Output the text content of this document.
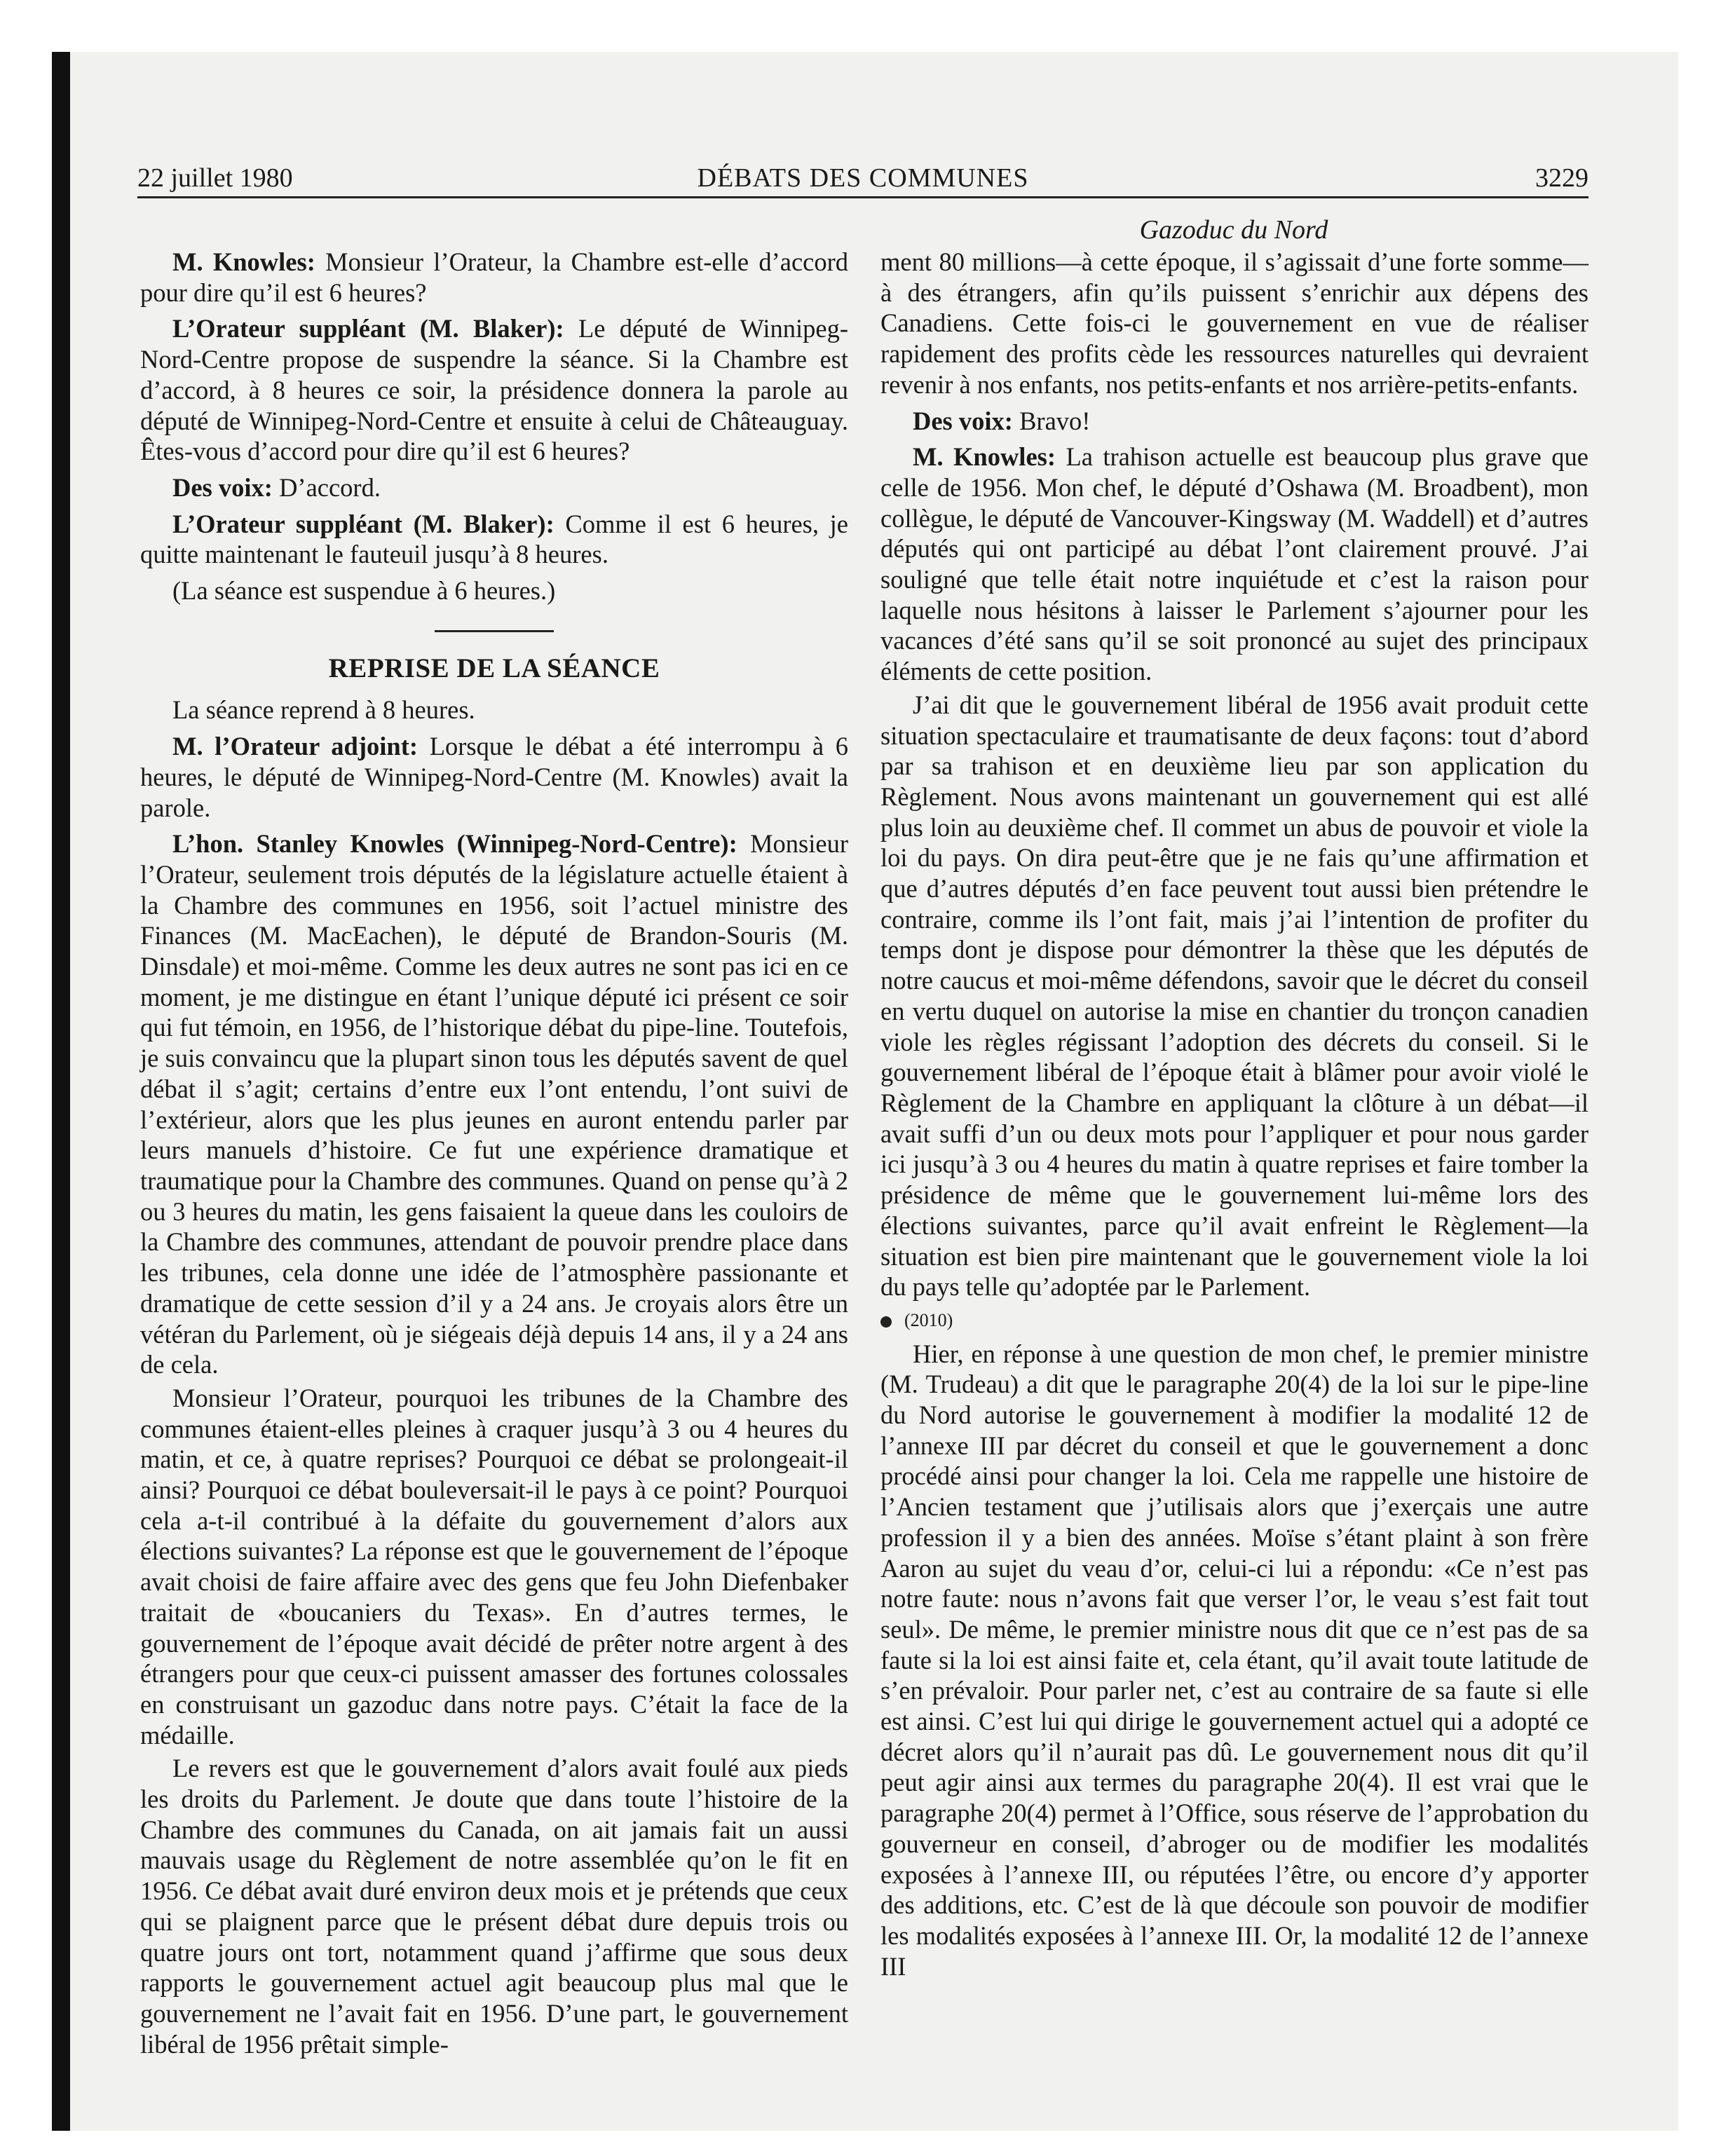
22 juillet 1980	DÉBATS DES COMMUNES	3229
Gazoduc du Nord

M. Knowles: Monsieur l’Orateur, la Chambre est-elle d’accord pour dire qu’il est 6 heures?

L’Orateur suppléant (M. Blaker): Le député de Winnipeg-Nord-Centre propose de suspendre la séance. Si la Chambre est d’accord, à 8 heures ce soir, la présidence donnera la parole au député de Winnipeg-Nord-Centre et ensuite à celui de Châteauguay. Êtes-vous d’accord pour dire qu’il est 6 heures?

Des voix: D’accord.

L’Orateur suppléant (M. Blaker): Comme il est 6 heures, je quitte maintenant le fauteuil jusqu’à 8 heures.

(La séance est suspendue à 6 heures.)

REPRISE DE LA SÉANCE

La séance reprend à 8 heures.

M. l’Orateur adjoint: Lorsque le débat a été interrompu à 6 heures, le député de Winnipeg-Nord-Centre (M. Knowles) avait la parole.

L’hon. Stanley Knowles (Winnipeg-Nord-Centre): Monsieur l’Orateur, seulement trois députés de la législature actuelle étaient à la Chambre des communes en 1956, soit l’actuel ministre des Finances (M. MacEachen), le député de Brandon-Souris (M. Dinsdale) et moi-même. Comme les deux autres ne sont pas ici en ce moment, je me distingue en étant l’unique député ici présent ce soir qui fut témoin, en 1956, de l’historique débat du pipe-line. Toutefois, je suis convaincu que la plupart sinon tous les députés savent de quel débat il s’agit; certains d’entre eux l’ont entendu, l’ont suivi de l’extérieur, alors que les plus jeunes en auront entendu parler par leurs manuels d’histoire. Ce fut une expérience dramatique et traumatique pour la Chambre des communes. Quand on pense qu’à 2 ou 3 heures du matin, les gens faisaient la queue dans les couloirs de la Chambre des communes, attendant de pouvoir prendre place dans les tribunes, cela donne une idée de l’atmosphère passionante et dramatique de cette session d’il y a 24 ans. Je croyais alors être un vétéran du Parlement, où je siégeais déjà depuis 14 ans, il y a 24 ans de cela.

Monsieur l’Orateur, pourquoi les tribunes de la Chambre des communes étaient-elles pleines à craquer jusqu’à 3 ou 4 heures du matin, et ce, à quatre reprises? Pourquoi ce débat se prolongeait-il ainsi? Pourquoi ce débat bouleversait-il le pays à ce point? Pourquoi cela a-t-il contribué à la défaite du gouvernement d’alors aux élections suivantes? La réponse est que le gouvernement de l’époque avait choisi de faire affaire avec des gens que feu John Diefenbaker traitait de «boucaniers du Texas». En d’autres termes, le gouvernement de l’époque avait décidé de prêter notre argent à des étrangers pour que ceux-ci puissent amasser des fortunes colossales en construisant un gazoduc dans notre pays. C’était la face de la médaille.

Le revers est que le gouvernement d’alors avait foulé aux pieds les droits du Parlement. Je doute que dans toute l’histoire de la Chambre des communes du Canada, on ait jamais fait un aussi mauvais usage du Règlement de notre assemblée qu’on le fit en 1956. Ce débat avait duré environ deux mois et je prétends que ceux qui se plaignent parce que le présent débat dure depuis trois ou quatre jours ont tort, notamment quand j’affirme que sous deux rapports le gouvernement actuel agit beaucoup plus mal que le gouvernement ne l’avait fait en 1956. D’une part, le gouvernement libéral de 1956 prêtait simple-

ment 80 millions—à cette époque, il s’agissait d’une forte somme—à des étrangers, afin qu’ils puissent s’enrichir aux dépens des Canadiens. Cette fois-ci le gouvernement en vue de réaliser rapidement des profits cède les ressources naturelles qui devraient revenir à nos enfants, nos petits-enfants et nos arrière-petits-enfants.

Des voix: Bravo!

M. Knowles: La trahison actuelle est beaucoup plus grave que celle de 1956. Mon chef, le député d’Oshawa (M. Broadbent), mon collègue, le député de Vancouver-Kingsway (M. Waddell) et d’autres députés qui ont participé au débat l’ont clairement prouvé. J’ai souligné que telle était notre inquiétude et c’est la raison pour laquelle nous hésitons à laisser le Parlement s’ajourner pour les vacances d’été sans qu’il se soit prononcé au sujet des principaux éléments de cette position.

J’ai dit que le gouvernement libéral de 1956 avait produit cette situation spectaculaire et traumatisante de deux façons: tout d’abord par sa trahison et en deuxième lieu par son application du Règlement. Nous avons maintenant un gouvernement qui est allé plus loin au deuxième chef. Il commet un abus de pouvoir et viole la loi du pays. On dira peut-être que je ne fais qu’une affirmation et que d’autres députés d’en face peuvent tout aussi bien prétendre le contraire, comme ils l’ont fait, mais j’ai l’intention de profiter du temps dont je dispose pour démontrer la thèse que les députés de notre caucus et moi-même défendons, savoir que le décret du conseil en vertu duquel on autorise la mise en chantier du tronçon canadien viole les règles régissant l’adoption des décrets du conseil. Si le gouvernement libéral de l’époque était à blâmer pour avoir violé le Règlement de la Chambre en appliquant la clôture à un débat—il avait suffi d’un ou deux mots pour l’appliquer et pour nous garder ici jusqu’à 3 ou 4 heures du matin à quatre reprises et faire tomber la présidence de même que le gouvernement lui-même lors des élections suivantes, parce qu’il avait enfreint le Règlement—la situation est bien pire maintenant que le gouvernement viole la loi du pays telle qu’adoptée par le Parlement.

(2010)

Hier, en réponse à une question de mon chef, le premier ministre (M. Trudeau) a dit que le paragraphe 20(4) de la loi sur le pipe-line du Nord autorise le gouvernement à modifier la modalité 12 de l’annexe III par décret du conseil et que le gouvernement a donc procédé ainsi pour changer la loi. Cela me rappelle une histoire de l’Ancien testament que j’utilisais alors que j’exerçais une autre profession il y a bien des années. Moïse s’étant plaint à son frère Aaron au sujet du veau d’or, celui-ci lui a répondu: «Ce n’est pas notre faute: nous n’avons fait que verser l’or, le veau s’est fait tout seul». De même, le premier ministre nous dit que ce n’est pas de sa faute si la loi est ainsi faite et, cela étant, qu’il avait toute latitude de s’en prévaloir. Pour parler net, c’est au contraire de sa faute si elle est ainsi. C’est lui qui dirige le gouvernement actuel qui a adopté ce décret alors qu’il n’aurait pas dû. Le gouvernement nous dit qu’il peut agir ainsi aux termes du paragraphe 20(4). Il est vrai que le paragraphe 20(4) permet à l’Office, sous réserve de l’approbation du gouverneur en conseil, d’abroger ou de modifier les modalités exposées à l’annexe III, ou réputées l’être, ou encore d’y apporter des additions, etc. C’est de là que découle son pouvoir de modifier les modalités exposées à l’annexe III. Or, la modalité 12 de l’annexe III
